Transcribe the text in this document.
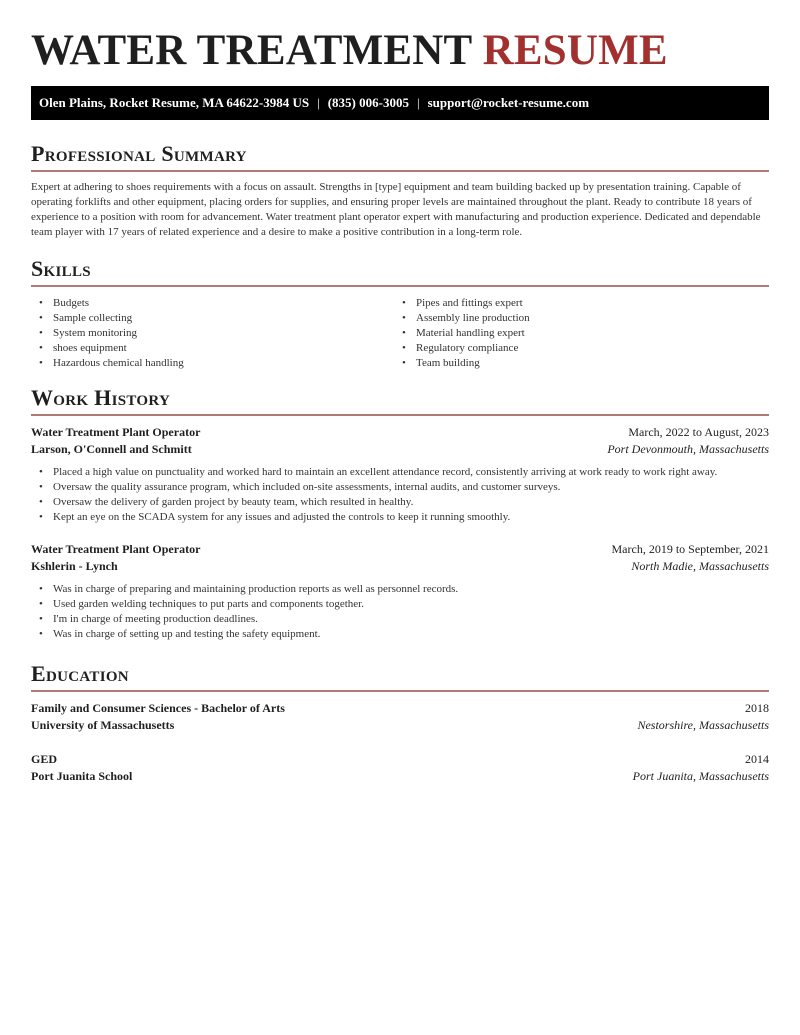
WATER TREATMENT RESUME
Olen Plains, Rocket Resume, MA 64622-3984 US | (835) 006-3005 | support@rocket-resume.com
Professional Summary

Expert at adhering to shoes requirements with a focus on assault. Strengths in [type] equipment and team building backed up by presentation training. Capable of operating forklifts and other equipment, placing orders for supplies, and ensuring proper levels are maintained throughout the plant. Ready to contribute 18 years of experience to a position with room for advancement. Water treatment plant operator expert with manufacturing and production experience. Dedicated and dependable team player with 17 years of related experience and a desire to make a positive contribution in a long-term role.

Skills
• Budgets
• Sample collecting
• System monitoring
• shoes equipment
• Hazardous chemical handling
• Pipes and fittings expert
• Assembly line production
• Material handling expert
• Regulatory compliance
• Team building
Work History
Water Treatment Plant Operator	March, 2022 to August, 2023
Larson, O'Connell and Schmitt	Port Devonmouth, Massachusetts
• Placed a high value on punctuality and worked hard to maintain an excellent attendance record, consistently arriving at work ready to work right away.
• Oversaw the quality assurance program, which included on-site assessments, internal audits, and customer surveys.
• Oversaw the delivery of garden project by beauty team, which resulted in healthy.
• Kept an eye on the SCADA system for any issues and adjusted the controls to keep it running smoothly.
Water Treatment Plant Operator	March, 2019 to September, 2021
Kshlerin - Lynch	North Madie, Massachusetts
• Was in charge of preparing and maintaining production reports as well as personnel records.
• Used garden welding techniques to put parts and components together.
• I'm in charge of meeting production deadlines.
• Was in charge of setting up and testing the safety equipment.
Education
Family and Consumer Sciences - Bachelor of Arts	2018
University of Massachusetts	Nestorshire, Massachusetts
GED	2014
Port Juanita School	Port Juanita, Massachusetts
